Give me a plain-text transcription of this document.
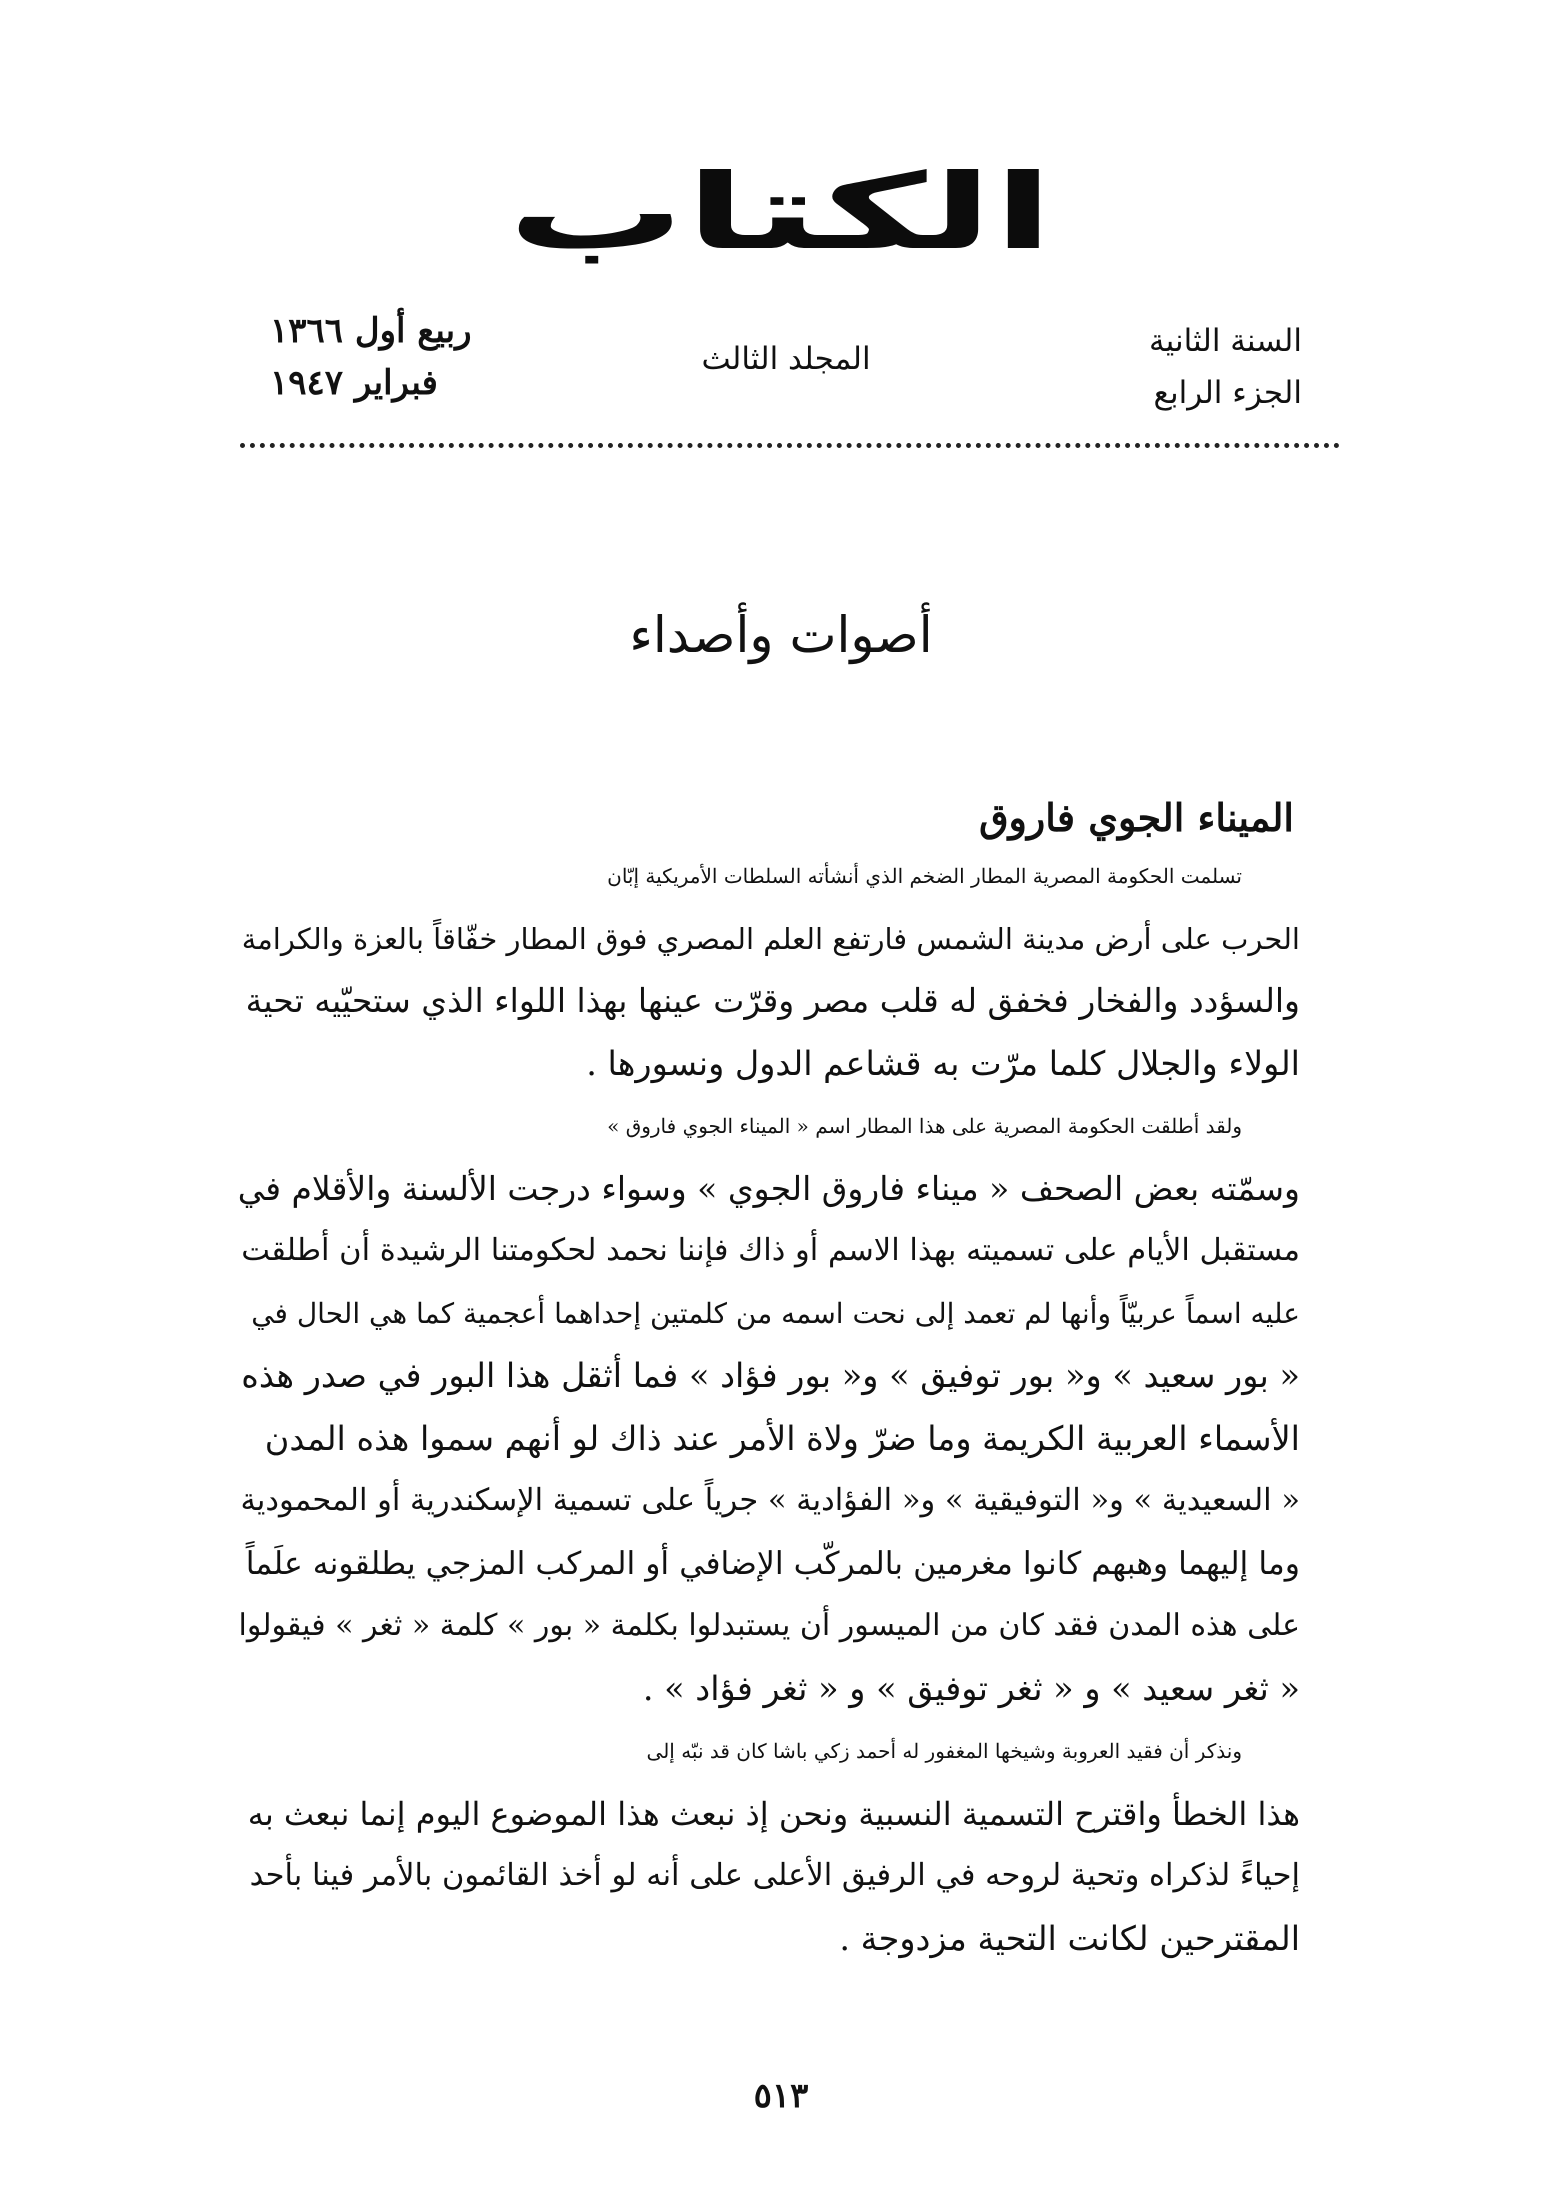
الكتاب
السنة الثانية
الجزء الرابع
المجلد الثالث
ربيع أول ١٣٦٦
فبراير ١٩٤٧
أصوات وأصداء
الميناء الجوي فاروق

تسلمت الحكومة المصرية المطار الضخم الذي أنشأته السلطات الأمريكية إبّان
الحرب على أرض مدينة الشمس فارتفع العلم المصري فوق المطار خفّاقاً بالعزة والكرامة
والسؤدد والفخار فخفق له قلب مصر وقرّت عينها بهذا اللواء الذي ستحيّيه تحية
الولاء والجلال كلما مرّت به قشاعم الدول ونسورها .

ولقد أطلقت الحكومة المصرية على هذا المطار اسم « الميناء الجوي فاروق »
وسمّته بعض الصحف « ميناء فاروق الجوي » وسواء درجت الألسنة والأقلام في
مستقبل الأيام على تسميته بهذا الاسم أو ذاك فإننا نحمد لحكومتنا الرشيدة أن أطلقت
عليه اسماً عربيّاً وأنها لم تعمد إلى نحت اسمه من كلمتين إحداهما أعجمية كما هي الحال في
« بور سعيد » و« بور توفيق » و« بور فؤاد » فما أثقل هذا البور في صدر هذه
الأسماء العربية الكريمة وما ضرّ ولاة الأمر عند ذاك لو أنهم سموا هذه المدن
« السعيدية » و« التوفيقية » و« الفؤادية » جرياً على تسمية الإسكندرية أو المحمودية
وما إليهما وهبهم كانوا مغرمين بالمركّب الإضافي أو المركب المزجي يطلقونه علَماً
على هذه المدن فقد كان من الميسور أن يستبدلوا بكلمة « بور » كلمة « ثغر » فيقولوا
« ثغر سعيد » و « ثغر توفيق » و « ثغر فؤاد » .

ونذكر أن فقيد العروبة وشيخها المغفور له أحمد زكي باشا كان قد نبّه إلى
هذا الخطأ واقترح التسمية النسبية ونحن إذ نبعث هذا الموضوع اليوم إنما نبعث به
إحياءً لذكراه وتحية لروحه في الرفيق الأعلى على أنه لو أخذ القائمون بالأمر فينا بأحد
المقترحين لكانت التحية مزدوجة .

٥١٣
